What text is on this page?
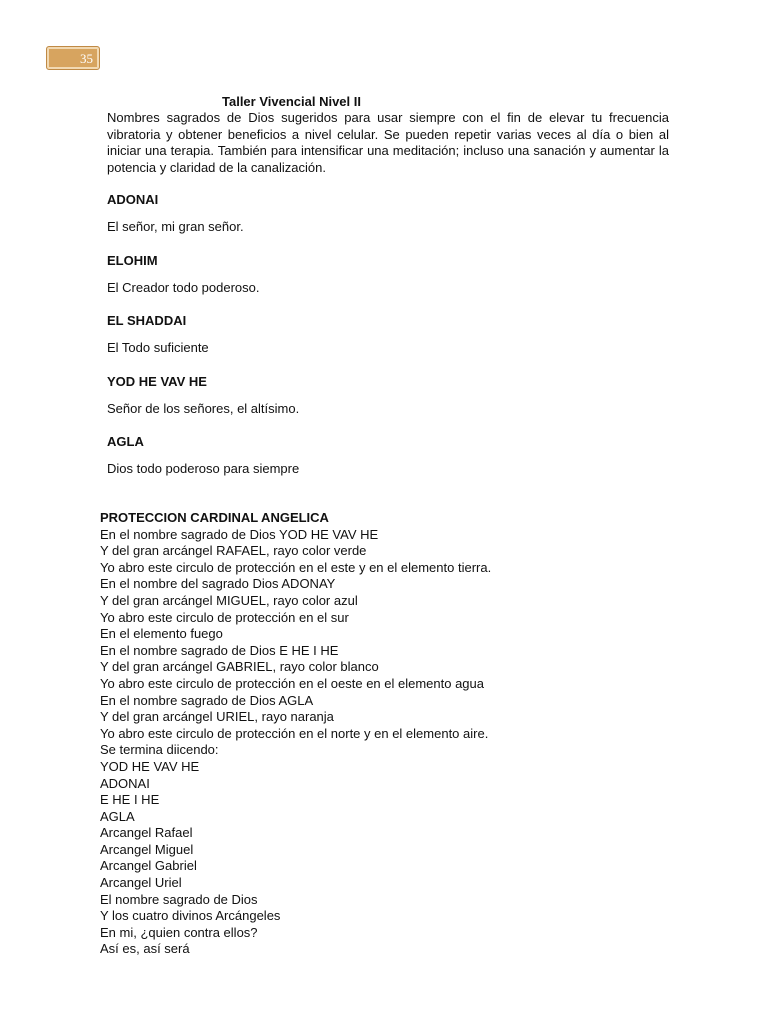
35
Taller Vivencial Nivel II

Nombres sagrados de Dios sugeridos para usar siempre con el fin de elevar tu frecuencia vibratoria y obtener beneficios a nivel celular. Se pueden repetir varias veces al día o bien al iniciar una terapia. También para intensificar una meditación; incluso una sanación y aumentar la potencia y claridad de la canalización.

ADONAI

El señor, mi gran señor.

ELOHIM

El Creador todo poderoso.

EL SHADDAI

El Todo suficiente

YOD HE VAV HE

Señor de los señores, el altísimo.

AGLA

Dios todo poderoso para siempre

PROTECCION CARDINAL ANGELICA

En el nombre sagrado de Dios YOD HE VAV HE

Y del gran arcángel RAFAEL, rayo color verde

Yo abro este circulo de protección en el este y en el elemento tierra.

En el nombre del sagrado Dios ADONAY

Y del gran arcángel MIGUEL, rayo color azul

Yo abro este circulo de protección en el sur

En el elemento fuego

En el nombre sagrado de Dios E HE I HE

Y del gran arcángel GABRIEL, rayo color blanco

Yo abro este circulo de protección en el oeste en el elemento agua

En el nombre sagrado de Dios AGLA

Y del gran arcángel URIEL, rayo naranja

Yo abro este circulo de protección en el norte y en el elemento aire.

Se termina diicendo:

YOD HE VAV HE

ADONAI

E HE I HE

AGLA

Arcangel Rafael

Arcangel Miguel

Arcangel Gabriel

Arcangel Uriel

El nombre sagrado de Dios

Y los cuatro divinos Arcángeles

En mi, ¿quien contra ellos?

Así es, así será
